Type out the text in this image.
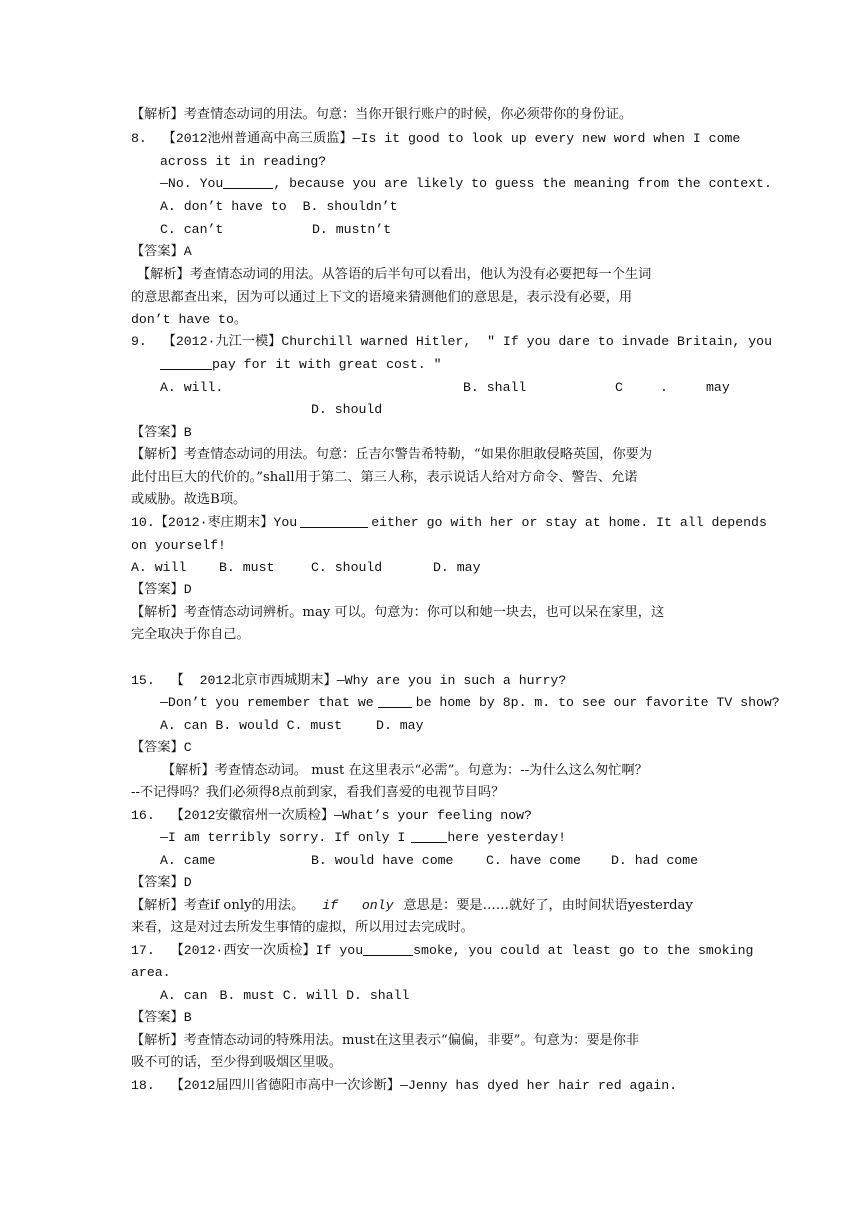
【解析】考查情态动词的用法。句意：当你开银行账户的时候，你必须带你的身份证。
8.  【2012池州普通高中高三质监】—Is it good to look up every new word when I come
across it in reading?
—No. You	, because you are likely to guess the meaning from the context.
A. don’t have to B. shouldn’t
C. can’t	D. mustn’t
【答案】A
【解析】考查情态动词的用法。从答语的后半句可以看出，他认为没有必要把每一个生词
的意思都查出来，因为可以通过上下文的语境来猜测他们的意思是，表示没有必要，用
don’t have to。
9.  【2012·九江一模】Churchill warned Hitler,  ″ If you dare to invade Britain, you
pay for it with great cost. ″
A. will.	B. shall	C	.	may
D. should
【答案】B
【解析】考查情态动词的用法。句意：丘吉尔警告希特勒，“如果你胆敢侵略英国，你要为
此付出巨大的代价的。”shall用于第二、第三人称，表示说话人给对方命令、警告、允诺
或威胁。故选B项。
10.【2012·枣庄期末】You	either go with her or stay at home. It all depends
on yourself!
A. will B. must	C. should	D. may
【答案】D
【解析】考查情态动词辨析。may 可以。句意为：你可以和她一块去，也可以呆在家里，这
完全取决于你自己。
15.  【  2012北京市西城期末】—Why are you in such a hurry?
—Don’t you remember that we	be home by 8p. m. to see our favorite TV show?
A. can B. would C. must	D. may
【答案】C
【解析】考查情态动词。 must 在这里表示“必需”。句意为：--为什么这么匆忙啊？
--不记得吗？我们必须得8点前到家，看我们喜爱的电视节目吗？
16.  【2012安徽宿州一次质检】—What’s your feeling now?
—I am terribly sorry. If only I	here yesterday!
A. came	B. would have come C. have come D. had come
【答案】D
【解析】考查if only的用法。 if   only 意思是：要是……就好了，由时间状语yesterday
来看，这是对过去所发生事情的虚拟，所以用过去完成时。
17.  【2012·西安一次质检】If you	smoke, you could at least go to the smoking
area.
A. can B. must C. will D. shall
【答案】B
【解析】考查情态动词的特殊用法。must在这里表示“偏偏，非要”。句意为：要是你非
吸不可的话，至少得到吸烟区里吸。
18.  【2012届四川省德阳市高中一次诊断】—Jenny has dyed her hair red again.
